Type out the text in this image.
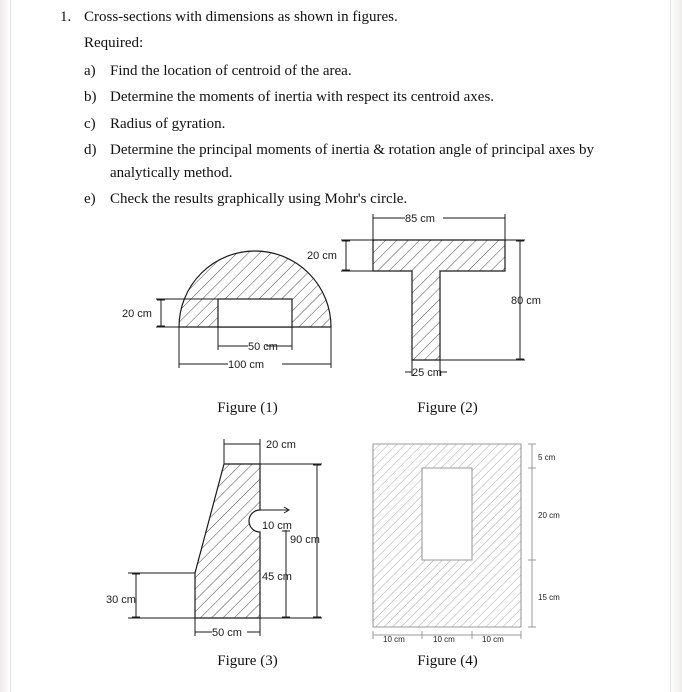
1. Cross-sections with dimensions as shown in figures.
Required:
a) Find the location of centroid of the area.
b) Determine the moments of inertia with respect its centroid axes.
c) Radius of gyration.
d) Determine the principal moments of inertia & rotation angle of principal axes by analytically method.
e) Check the results graphically using Mohr's circle.
20 cm
50 cm
100 cm
Figure (1)
85 cm
20 cm
80 cm
25 cm
Figure (2)
20 cm
90 cm
10 cm
45 cm
30 cm
50 cm
Figure (3)
5 cm
20 cm
15 cm
10 cm	10 cm	10 cm
Figure (4)
